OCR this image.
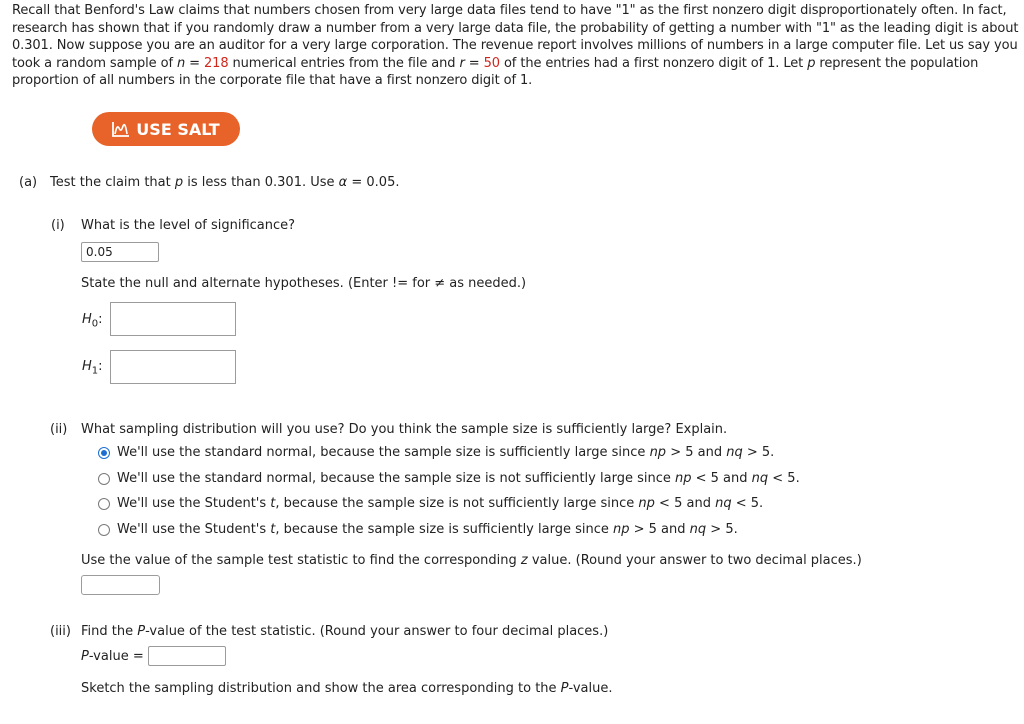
Recall that Benford's Law claims that numbers chosen from very large data files tend to have "1" as the first nonzero digit disproportionately often. In fact, research has shown that if you randomly draw a number from a very large data file, the probability of getting a number with "1" as the leading digit is about 0.301. Now suppose you are an auditor for a very large corporation. The revenue report involves millions of numbers in a large computer file. Let us say you took a random sample of n = 218 numerical entries from the file and r = 50 of the entries had a first nonzero digit of 1. Let p represent the population proportion of all numbers in the corporate file that have a first nonzero digit of 1.
USE SALT
(a) Test the claim that p is less than 0.301. Use α = 0.05.
(i) What is the level of significance?
0.05
State the null and alternate hypotheses. (Enter != for ≠ as needed.)
$H_0$:
$H_1$:
(ii) What sampling distribution will you use? Do you think the sample size is sufficiently large? Explain.
We'll use the standard normal, because the sample size is sufficiently large since np > 5 and nq > 5.
We'll use the standard normal, because the sample size is not sufficiently large since np < 5 and nq < 5.
We'll use the Student's t, because the sample size is not sufficiently large since np < 5 and nq < 5.
We'll use the Student's t, because the sample size is sufficiently large since np > 5 and nq > 5.
Use the value of the sample test statistic to find the corresponding z value. (Round your answer to two decimal places.)
(iii) Find the P-value of the test statistic. (Round your answer to four decimal places.)
P-value =
Sketch the sampling distribution and show the area corresponding to the P-value.
